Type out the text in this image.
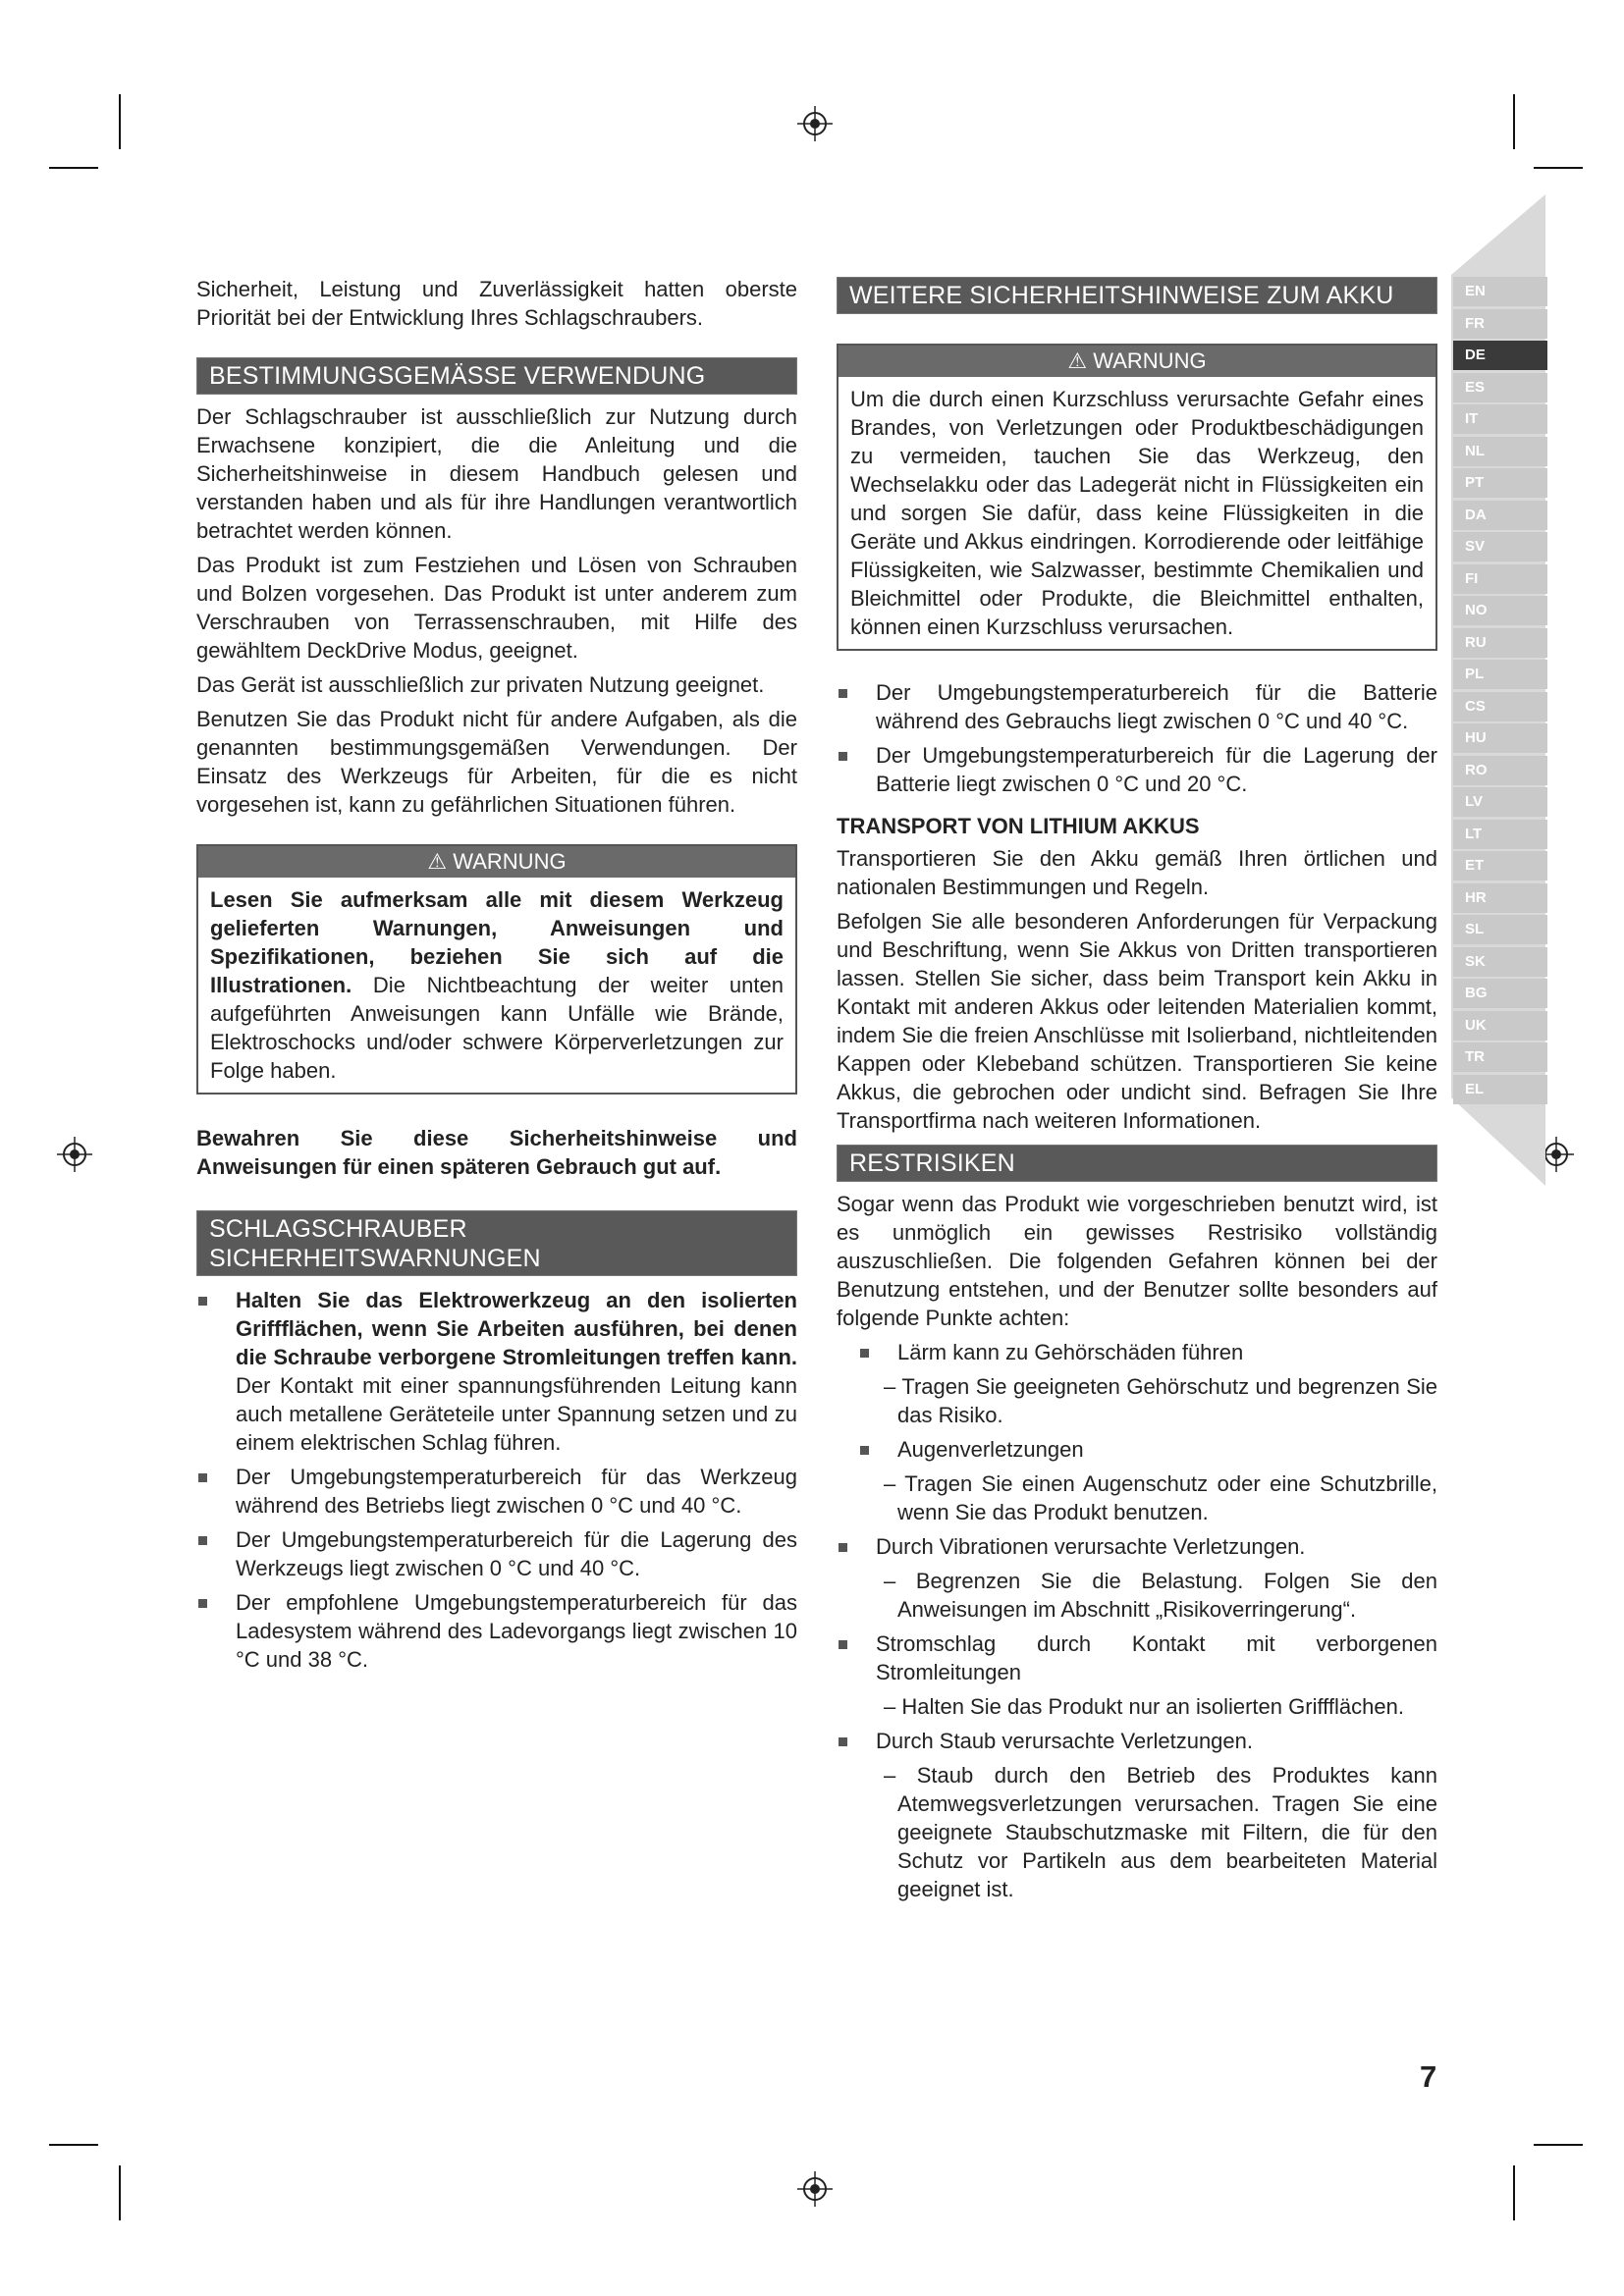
EN
FR
DE
ES
IT
NL
PT
DA
SV
FI
NO
RU
PL
CS
HU
RO
LV
LT
ET
HR
SL
SK
BG
UK
TR
EL

Sicherheit, Leistung und Zuverlässigkeit hatten oberste Priorität bei der Entwicklung Ihres Schlagschraubers.

BESTIMMUNGSGEMÄSSE VERWENDUNG

Der Schlagschrauber ist ausschließlich zur Nutzung durch Erwachsene konzipiert, die die Anleitung und die Sicherheitshinweise in diesem Handbuch gelesen und verstanden haben und als für ihre Handlungen verantwortlich betrachtet werden können.

Das Produkt ist zum Festziehen und Lösen von Schrauben und Bolzen vorgesehen. Das Produkt ist unter anderem zum Verschrauben von Terrassenschrauben, mit Hilfe des gewähltem DeckDrive Modus, geeignet.

Das Gerät ist ausschließlich zur privaten Nutzung geeignet.

Benutzen Sie das Produkt nicht für andere Aufgaben, als die genannten bestimmungsgemäßen Verwendungen. Der Einsatz des Werkzeugs für Arbeiten, für die es nicht vorgesehen ist, kann zu gefährlichen Situationen führen.

⚠ WARNUNG

Lesen Sie aufmerksam alle mit diesem Werkzeug gelieferten Warnungen, Anweisungen und Spezifikationen, beziehen Sie sich auf die Illustrationen. Die Nichtbeachtung der weiter unten aufgeführten Anweisungen kann Unfälle wie Brände, Elektroschocks und/oder schwere Körperverletzungen zur Folge haben.

Bewahren Sie diese Sicherheitshinweise und Anweisungen für einen späteren Gebrauch gut auf.

SCHLAGSCHRAUBER
SICHERHEITSWARNUNGEN
Halten Sie das Elektrowerkzeug an den isolierten Griffflächen, wenn Sie Arbeiten ausführen, bei denen die Schraube verborgene Stromleitungen treffen kann. Der Kontakt mit einer spannungsführenden Leitung kann auch metallene Geräteteile unter Spannung setzen und zu einem elektrischen Schlag führen.
Der Umgebungstemperaturbereich für das Werkzeug während des Betriebs liegt zwischen 0 °C und 40 °C.
Der Umgebungstemperaturbereich für die Lagerung des Werkzeugs liegt zwischen 0 °C und 40 °C.
Der empfohlene Umgebungstemperaturbereich für das Ladesystem während des Ladevorgangs liegt zwischen 10 °C und 38 °C.
WEITERE SICHERHEITSHINWEISE ZUM AKKU
⚠ WARNUNG

Um die durch einen Kurzschluss verursachte Gefahr eines Brandes, von Verletzungen oder Produktbeschädigungen zu vermeiden, tauchen Sie das Werkzeug, den Wechselakku oder das Ladegerät nicht in Flüssigkeiten ein und sorgen Sie dafür, dass keine Flüssigkeiten in die Geräte und Akkus eindringen. Korrodierende oder leitfähige Flüssigkeiten, wie Salzwasser, bestimmte Chemikalien und Bleichmittel oder Produkte, die Bleichmittel enthalten, können einen Kurzschluss verursachen.

Der Umgebungstemperaturbereich für die Batterie während des Gebrauchs liegt zwischen 0 °C und 40 °C.
Der Umgebungstemperaturbereich für die Lagerung der Batterie liegt zwischen 0 °C und 20 °C.
TRANSPORT VON LITHIUM AKKUS

Transportieren Sie den Akku gemäß Ihren örtlichen und nationalen Bestimmungen und Regeln.

Befolgen Sie alle besonderen Anforderungen für Verpackung und Beschriftung, wenn Sie Akkus von Dritten transportieren lassen. Stellen Sie sicher, dass beim Transport kein Akku in Kontakt mit anderen Akkus oder leitenden Materialien kommt, indem Sie die freien Anschlüsse mit Isolierband, nichtleitenden Kappen oder Klebeband schützen. Transportieren Sie keine Akkus, die gebrochen oder undicht sind. Befragen Sie Ihre Transportfirma nach weiteren Informationen.

RESTRISIKEN

Sogar wenn das Produkt wie vorgeschrieben benutzt wird, ist es unmöglich ein gewisses Restrisiko vollständig auszuschließen. Die folgenden Gefahren können bei der Benutzung entstehen, und der Benutzer sollte besonders auf folgende Punkte achten:

Lärm kann zu Gehörschäden führen

– Tragen Sie geeigneten Gehörschutz und begrenzen Sie das Risiko.

Augenverletzungen

– Tragen Sie einen Augenschutz oder eine Schutzbrille, wenn Sie das Produkt benutzen.

Durch Vibrationen verursachte Verletzungen.

– Begrenzen Sie die Belastung. Folgen Sie den Anweisungen im Abschnitt „Risikoverringerung“.

Stromschlag durch Kontakt mit verborgenen Stromleitungen

– Halten Sie das Produkt nur an isolierten Griffflächen.

Durch Staub verursachte Verletzungen.

– Staub durch den Betrieb des Produktes kann Atemwegsverletzungen verursachen. Tragen Sie eine geeignete Staubschutzmaske mit Filtern, die für den Schutz vor Partikeln aus dem bearbeiteten Material geeignet ist.

7
